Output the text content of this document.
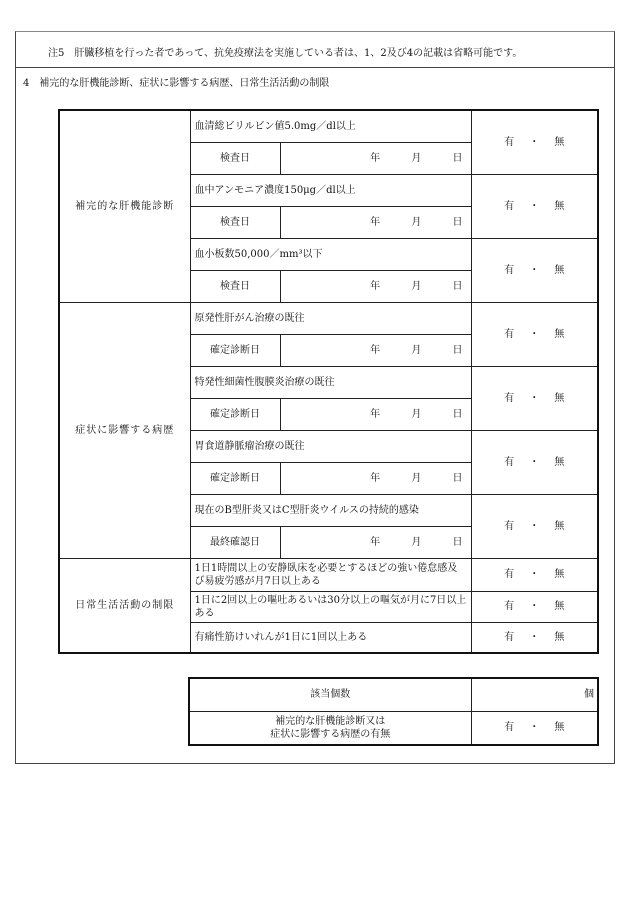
注5　肝臓移植を行った者であって、抗免疫療法を実施している者は、1、2及び4の記載は省略可能です。
4　補完的な肝機能診断、症状に影響する病歴、日常生活活動の制限
補完的な肝機能診断	血清総ビリルビン値5.0mg／dl以上		有 ・ 無
	検査日	年 月 日	
	血中アンモニア濃度150μg／dl以上		有 ・ 無
	検査日	年 月 日	
	血小板数50,000／mm³以下		有 ・ 無
	検査日	年 月 日	
症状に影響する病歴	原発性肝がん治療の既往		有 ・ 無
	確定診断日	年 月 日	
	特発性細菌性腹膜炎治療の既往		有 ・ 無
	確定診断日	年 月 日	
	胃食道静脈瘤治療の既往		有 ・ 無
	確定診断日	年 月 日	
	現在のB型肝炎又はC型肝炎ウイルスの持続的感染		有 ・ 無
	最終確認日	年 月 日	
日常生活活動の制限	1日1時間以上の安静臥床を必要とするほどの強い倦怠感及び易疲労感が月7日以上ある		有 ・ 無
	1日に2回以上の嘔吐あるいは30分以上の嘔気が月に7日以上ある		有 ・ 無
	有痛性筋けいれんが1日に1回以上ある		有 ・ 無
該当個数	個

補完的な肝機能診断又は
症状に影響する病歴の有無	有 ・ 無
